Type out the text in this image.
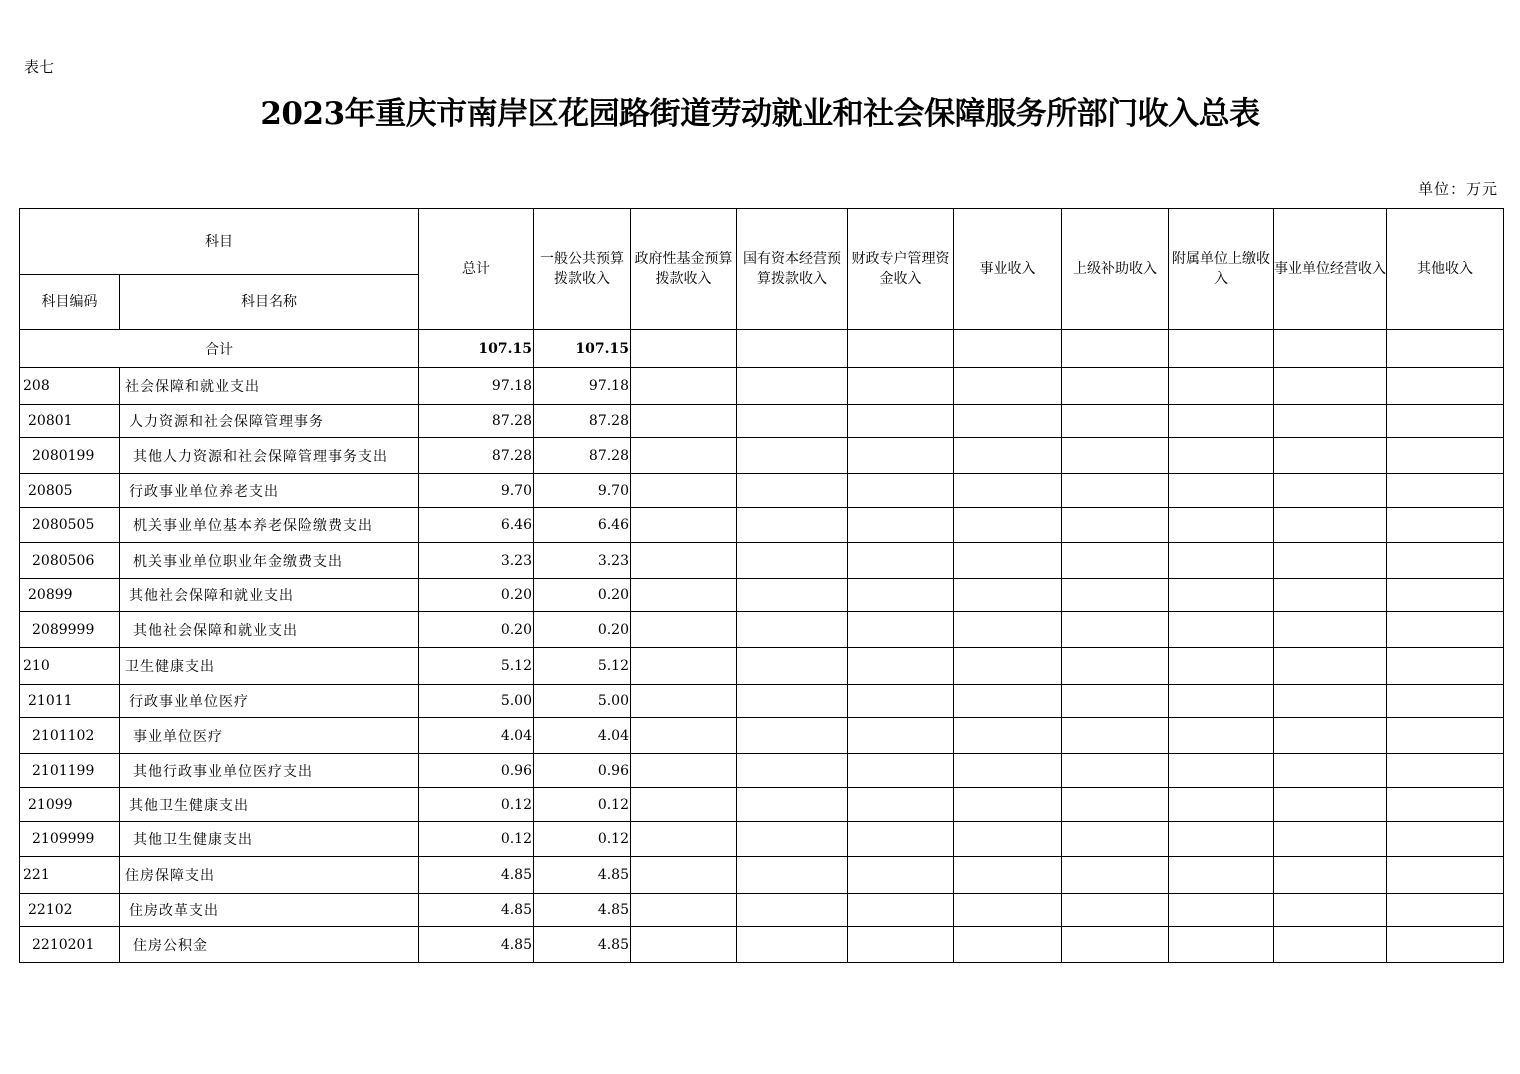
表七
2023年重庆市南岸区花园路街道劳动就业和社会保障服务所部门收入总表
单位：万元
科目		总计	一般公共预算拨款收入	政府性基金预算拨款收入	国有资本经营预算拨款收入	财政专户管理资金收入	事业收入	上级补助收入	附属单位上缴收入	事业单位经营收入	其他收入
科目编码	科目名称										
合计		107.15	107.15								
208	社会保障和就业支出	97.18	97.18								
20801	人力资源和社会保障管理事务	87.28	87.28								
2080199	其他人力资源和社会保障管理事务支出	87.28	87.28								
20805	行政事业单位养老支出	9.70	9.70								
2080505	机关事业单位基本养老保险缴费支出	6.46	6.46								
2080506	机关事业单位职业年金缴费支出	3.23	3.23								
20899	其他社会保障和就业支出	0.20	0.20								
2089999	其他社会保障和就业支出	0.20	0.20								
210	卫生健康支出	5.12	5.12								
21011	行政事业单位医疗	5.00	5.00								
2101102	事业单位医疗	4.04	4.04								
2101199	其他行政事业单位医疗支出	0.96	0.96								
21099	其他卫生健康支出	0.12	0.12								
2109999	其他卫生健康支出	0.12	0.12								
221	住房保障支出	4.85	4.85								
22102	住房改革支出	4.85	4.85								
2210201	住房公积金	4.85	4.85								
